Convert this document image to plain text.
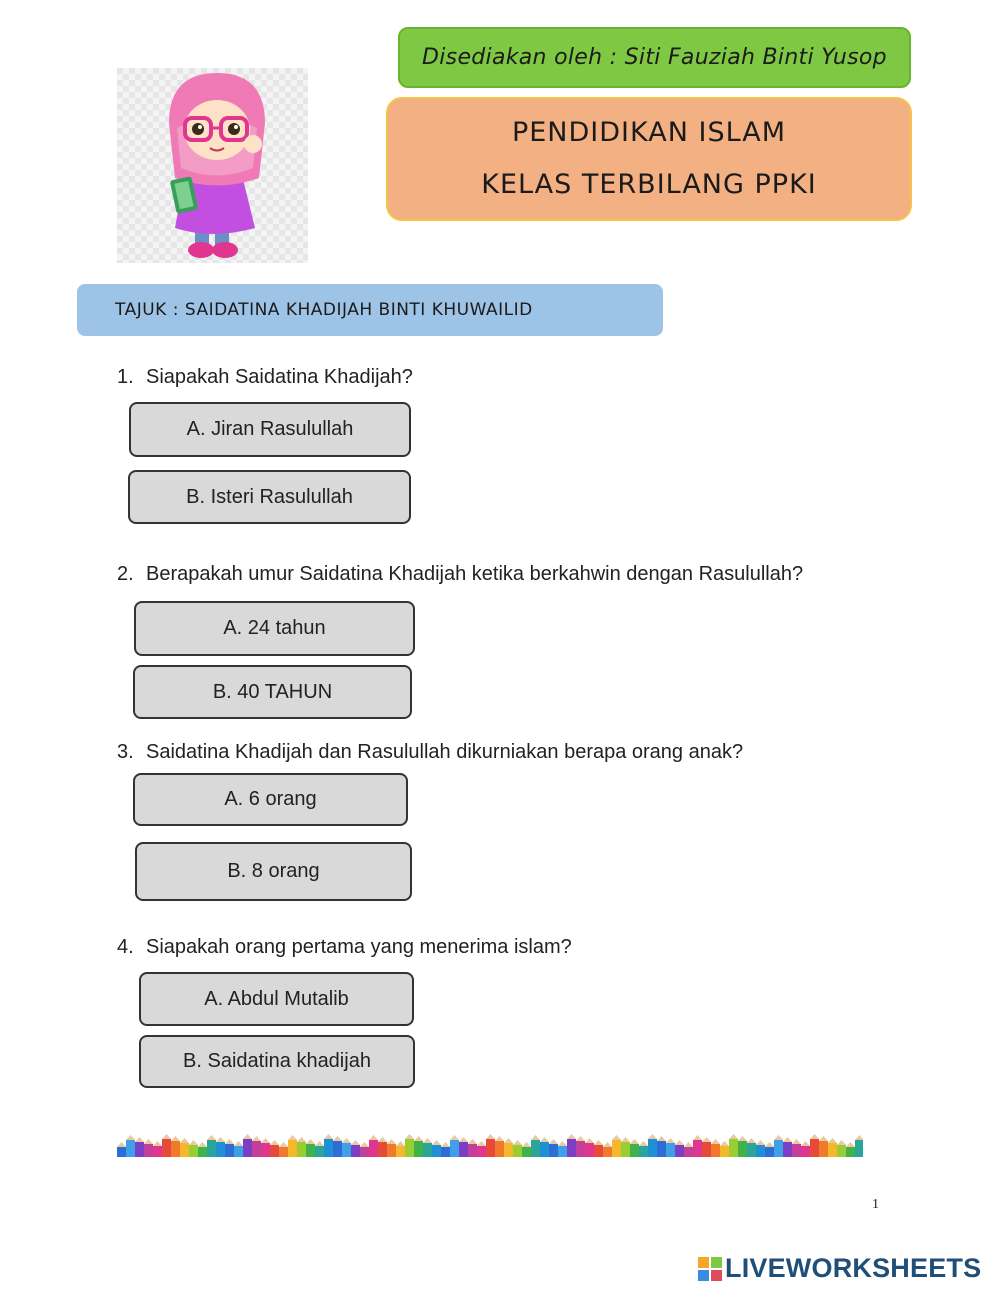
Disediakan oleh : Siti Fauziah Binti Yusop
PENDIDIKAN ISLAM
KELAS TERBILANG PPKI
TAJUK : SAIDATINA KHADIJAH BINTI KHUWAILID
1. Siapakah Saidatina Khadijah?
A. Jiran Rasulullah
B. Isteri Rasulullah
2. Berapakah umur Saidatina Khadijah ketika berkahwin dengan Rasulullah?
A. 24 tahun
B. 40 TAHUN
3. Saidatina Khadijah dan Rasulullah dikurniakan berapa orang anak?
A. 6 orang
B. 8 orang
4. Siapakah orang pertama yang menerima islam?
A. Abdul Mutalib
B. Saidatina khadijah
1
LIVEWORKSHEETS
